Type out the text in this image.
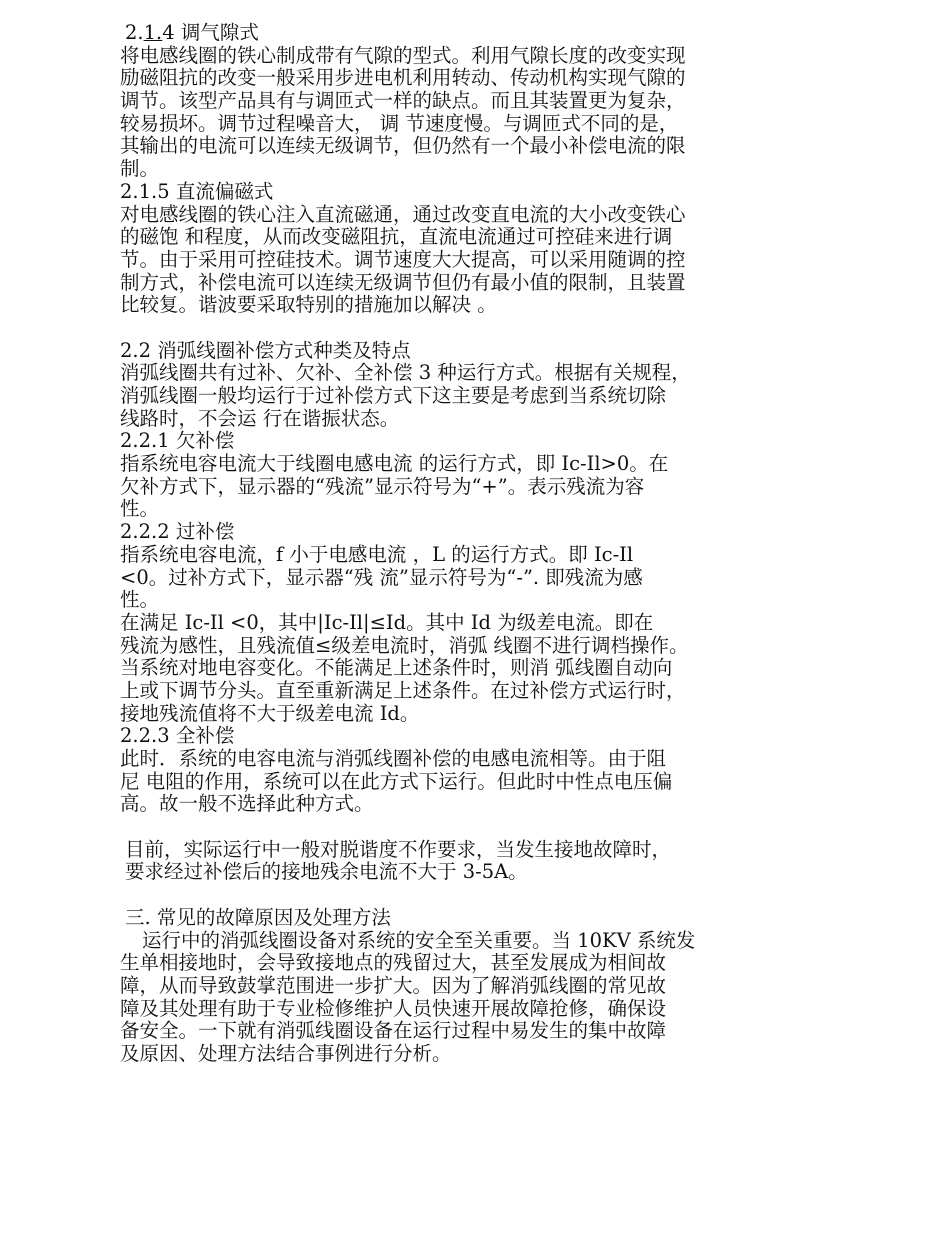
2.1.4 调气隙式
将电感线圈的铁心制成带有气隙的型式。利用气隙长度的改变实现
励磁阻抗的改变一般采用步进电机利用转动、传动机构实现气隙的
调节。该型产品具有与调匝式一样的缺点。而且其装置更为复杂，
较易损坏。调节过程噪音大， 调 节速度慢。与调匝式不同的是，
其输出的电流可以连续无级调节，但仍然有一个最小补偿电流的限
制。
2.1.5 直流偏磁式
对电感线圈的铁心注入直流磁通，通过改变直电流的大小改变铁心
的磁饱 和程度，从而改变磁阻抗，直流电流通过可控硅来进行调
节。由于采用可控硅技术。调节速度大大提高，可以采用随调的控
制方式，补偿电流可以连续无级调节但仍有最小值的限制，且装置
比较复。谐波要采取特别的措施加以解决 。
2.2 消弧线圈补偿方式种类及特点
消弧线圈共有过补、欠补、全补偿 3 种运行方式。根据有关规程，
消弧线圈一般均运行于过补偿方式下这主要是考虑到当系统切除
线路时，不会运 行在谐振状态。
2.2.1 欠补偿
指系统电容电流大于线圈电感电流 的运行方式，即 Ic-Il>0。在
欠补方式下，显示器的“残流”显示符号为“+”。表示残流为容
性。
2.2.2 过补偿
指系统电容电流，f 小于电感电流 ，L 的运行方式。即 Ic-Il
<0。过补方式下，显示器“残 流”显示符号为“-”. 即残流为感
性。
在满足 Ic-Il <0，其中|Ic-Il|≤Id。其中 Id 为级差电流。即在
残流为感性，且残流值≤级差电流时，消弧 线圈不进行调档操作。
当系统对地电容变化。不能满足上述条件时，则消 弧线圈自动向
上或下调节分头。直至重新满足上述条件。在过补偿方式运行时，
接地残流值将不大于级差电流 Id。
2.2.3 全补偿
此时．系统的电容电流与消弧线圈补偿的电感电流相等。由于阻
尼 电阻的作用，系统可以在此方式下运行。但此时中性点电压偏
高。故一般不选择此种方式。
目前，实际运行中一般对脱谐度不作要求，当发生接地故障时，
要求经过补偿后的接地残余电流不大于 3-5A。
三. 常见的故障原因及处理方法
运行中的消弧线圈设备对系统的安全至关重要。当 10KV 系统发
生单相接地时，会导致接地点的残留过大，甚至发展成为相间故
障，从而导致鼓掌范围进一步扩大。因为了解消弧线圈的常见故
障及其处理有助于专业检修维护人员快速开展故障抢修，确保设
备安全。一下就有消弧线圈设备在运行过程中易发生的集中故障
及原因、处理方法结合事例进行分析。
